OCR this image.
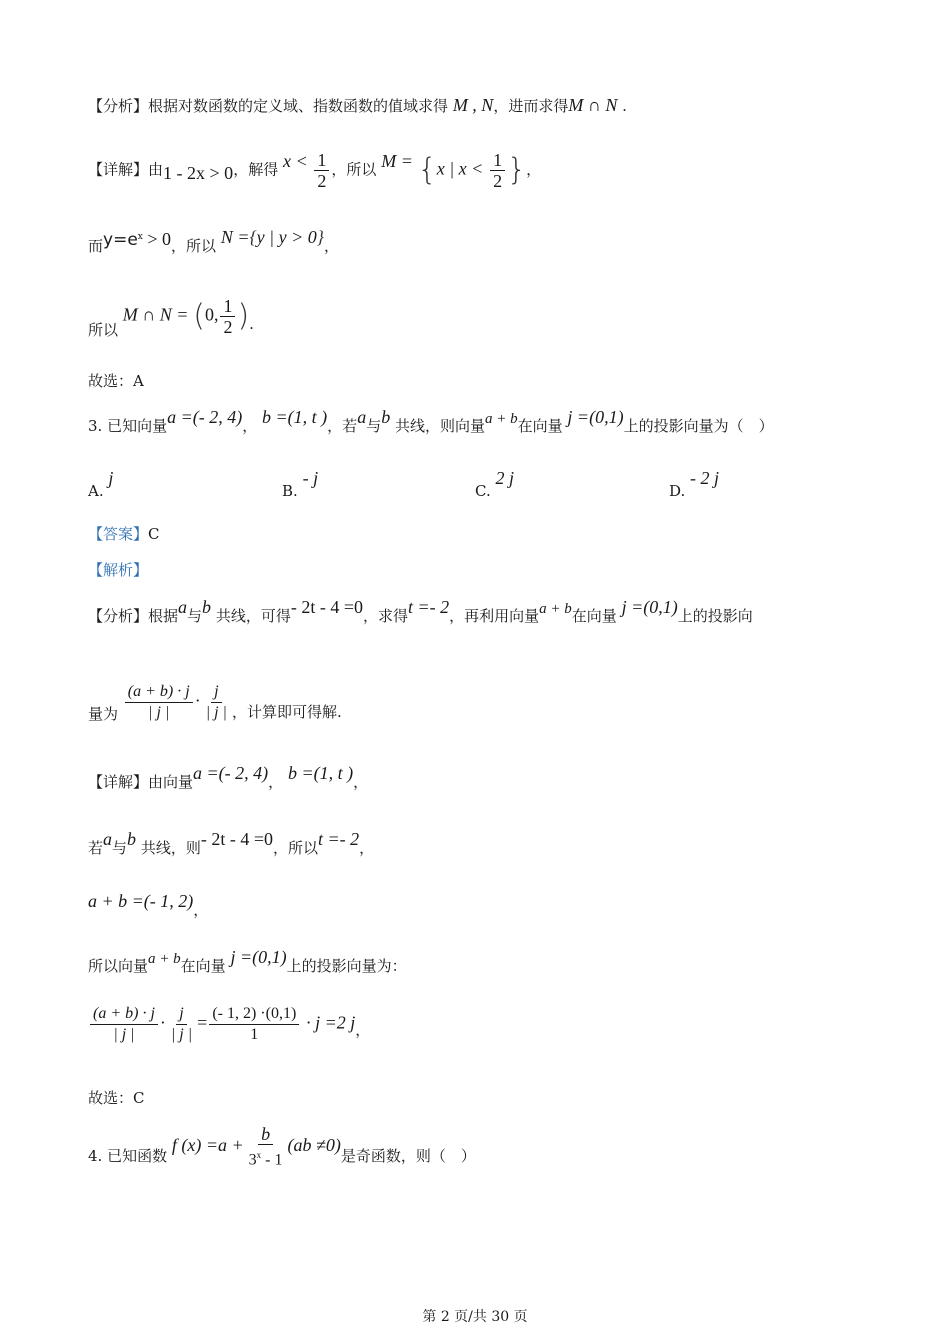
【分析】根据对数函数的定义域、指数函数的值域求得 M , N，进而求得M ∩ N .
【详解】由1 - 2x > 0，解得 $x < \frac{1}{2}$ ，所以 M = {x | $x < \frac{1}{2}$ }，
而$y=e^x > 0$，所以 N ={y | y > 0}，
所以 M ∩ N = (0, $\frac{1}{2}$ ).
故选：A
3. 已知向量a =(- 2, 4)， b =(1, t )，若a与b 共线，则向量a + b在向量 j =(0,1)上的投影向量为（　）
A. j
B. - j
C. 2 j
D. - 2 j
【答案】C
【解析】
【分析】根据a与b 共线，可得- 2t - 4 =0，求得t =- 2，再利用向量a + b在向量 j =(0,1)上的投影向
量为 $\frac{(a + b) \cdot j}{| j |} \cdot \frac{j}{| j |}$ ，计算即可得解.
【详解】由向量a =(- 2, 4)， b =(1, t )，
若a与b 共线，则- 2t - 4 =0，所以t =- 2，
a + b =(- 1, 2)，
所以向量a + b在向量 j =(0,1)上的投影向量为：
$\frac{(a + b) \cdot j}{| j |} \cdot \frac{j}{| j |} = \frac{(- 1, 2) \cdot(0,1)}{1} \cdot j =2$ j，
故选：C
4. 已知函数 f $(x) =a + \frac{b}{3^x - 1} (ab \ne 0)$是奇函数，则（　）
第 2 页/共 30 页
